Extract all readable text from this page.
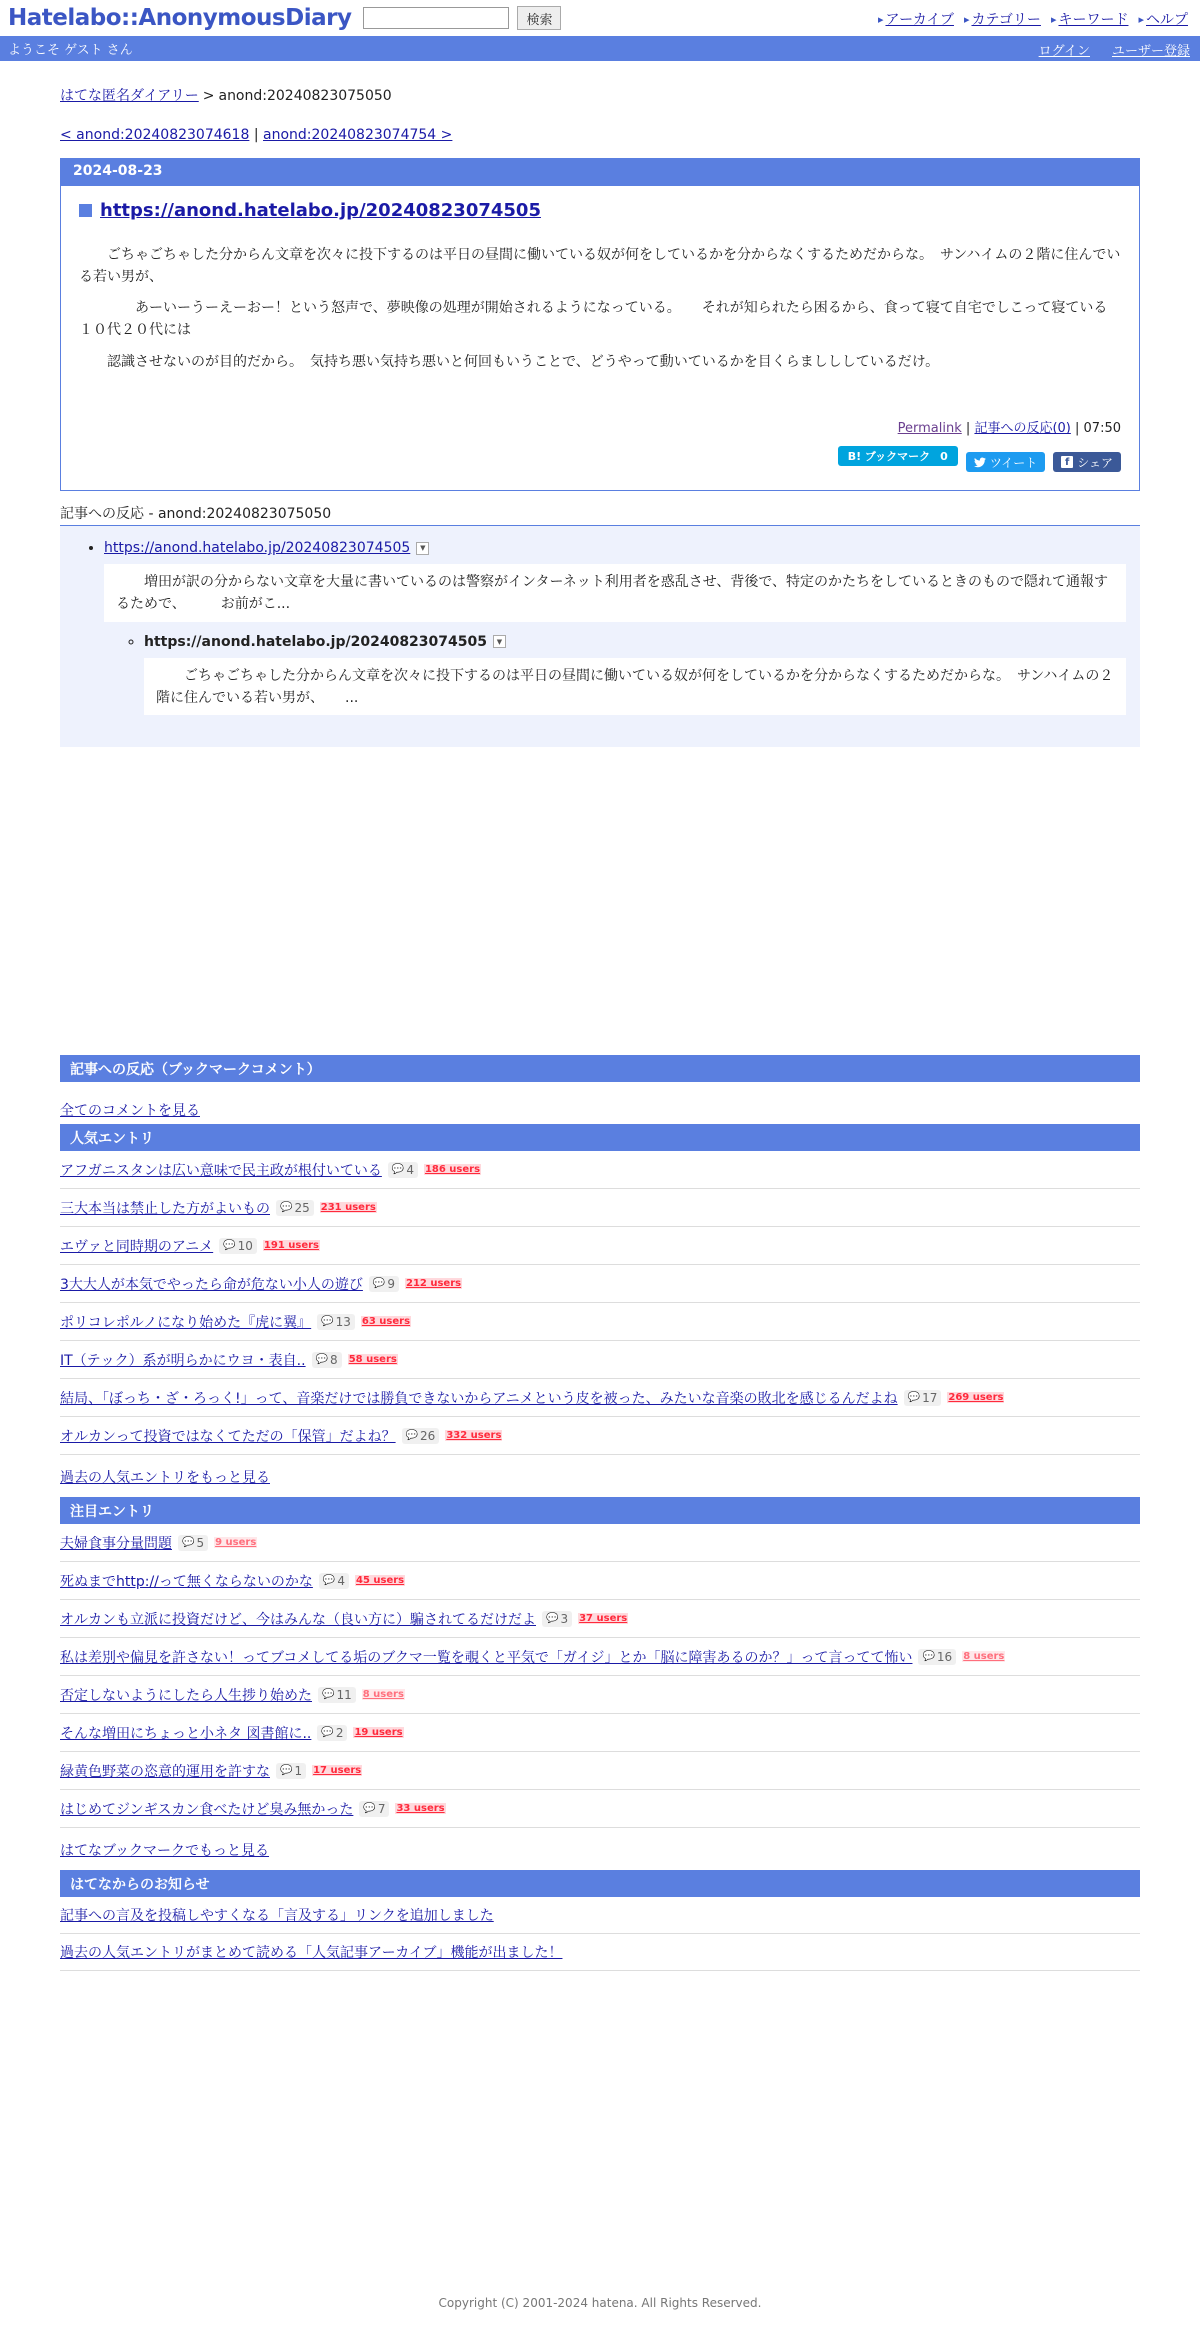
Hatelabo::AnonymousDiary	検索	▸ アーカイブ ▸ カテゴリー ▸ キーワード ▸ ヘルプ
ようこそ ゲスト さん	ログイン ユーザー登録
はてな匿名ダイアリー > anond:20240823075050
< anond:20240823074618 | anond:20240823074754 >
2024-08-23
https://anond.hatelabo.jp/20240823074505

　　ごちゃごちゃした分からん文章を次々に投下するのは平日の昼間に働いている奴が何をしているかを分からなくするためだからな。　サンハイムの２階に住んでいる若い男が、

　　　　あーいーうーえーおー！という怒声で、夢映像の処理が開始されるようになっている。　　それが知られたら困るから、食って寝て自宅でしこって寝ている１０代２０代には

　　認識させないのが目的だから。　気持ち悪い気持ち悪いと何回もいうことで、どうやって動いているかを目くらましししているだけ。

Permalink | 記事への反応(0) | 07:50
B! ブックマーク 0	ツイート	f シェア
記事への反応 - anond:20240823075050
• https://anond.hatelabo.jp/20240823074505	▼
　　増田が訳の分からない文章を大量に書いているのは警察がインターネット利用者を惑乱させ、背後で、特定のかたちをしているときのもので隠れて通報するためで、　　　お前がこ...
◦ https://anond.hatelabo.jp/20240823074505	▼
　　ごちゃごちゃした分からん文章を次々に投下するのは平日の昼間に働いている奴が何をしているかを分からなくするためだからな。　サンハイムの２階に住んでいる若い男が、　　...
記事への反応（ブックマークコメント）
全てのコメントを見る
人気エントリ
アフガニスタンは広い意味で民主政が根付いている 💬 4 186 users
三大本当は禁止した方がよいもの 💬 25 231 users
エヴァと同時期のアニメ 💬 10 191 users
3大大人が本気でやったら命が危ない小人の遊び 💬 9 212 users
ポリコレポルノになり始めた『虎に翼』 💬 13 63 users
IT（テック）系が明らかにウヨ・表自.. 💬 8 58 users
結局、「ぼっち・ざ・ろっく!」って、音楽だけでは勝負できないからアニメという皮を被った、みたいな音楽の敗北を感じるんだよね 💬 17 269 users
オルカンって投資ではなくてただの「保管」だよね？ 💬 26 332 users
過去の人気エントリをもっと見る
注目エントリ
夫婦食事分量問題 💬 5 9 users
死ぬまでhttp://って無くならないのかな 💬 4 45 users
オルカンも立派に投資だけど、今はみんな（良い方に）騙されてるだけだよ 💬 3 37 users
私は差別や偏見を許さない！ってブコメしてる垢のブクマ一覧を覗くと平気で「ガイジ」とか「脳に障害あるのか？」って言ってて怖い 💬 16 8 users
否定しないようにしたら人生捗り始めた 💬 11 8 users
そんな増田にちょっと小ネタ 図書館に.. 💬 2 19 users
緑黄色野菜の恣意的運用を許すな 💬 1 17 users
はじめてジンギスカン食べたけど臭み無かった 💬 7 33 users
はてなブックマークでもっと見る
はてなからのお知らせ
記事への言及を投稿しやすくなる「言及する」リンクを追加しました
過去の人気エントリがまとめて読める「人気記事アーカイブ」機能が出ました！
Copyright (C) 2001-2024 hatena. All Rights Reserved.
